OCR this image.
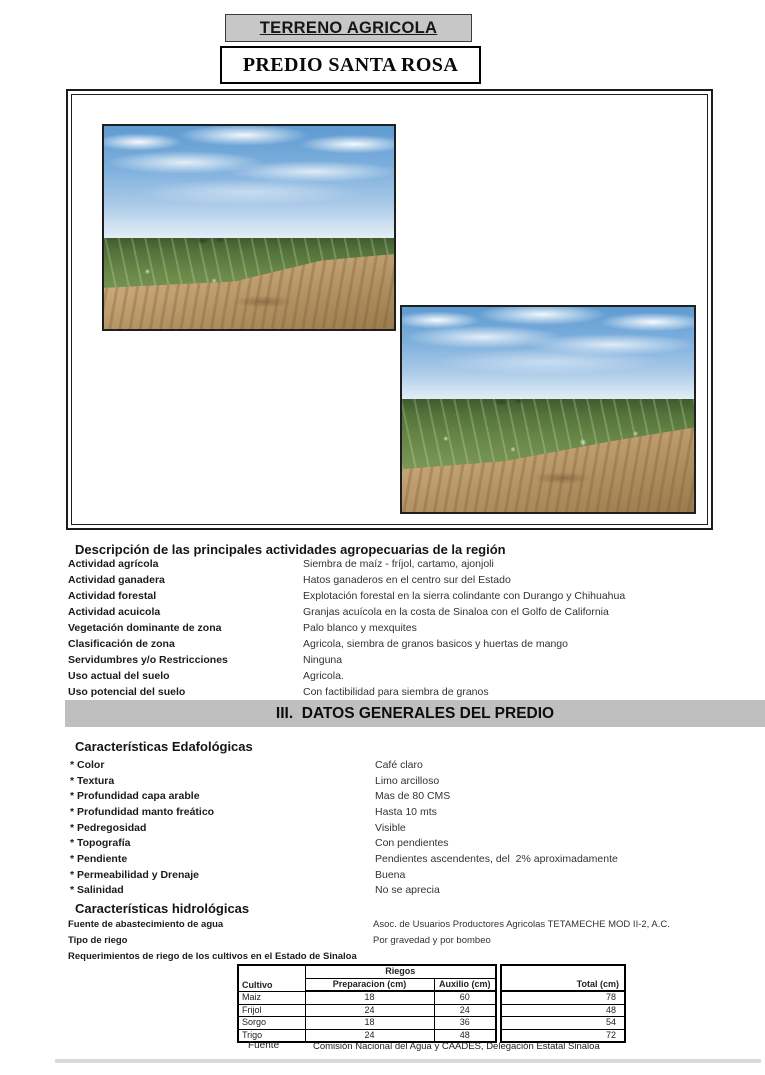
TERRENO AGRICOLA
PREDIO SANTA ROSA
Descripción de las principales actividades agropecuarias de la región
Actividad agrícola	Siembra de maíz - fríjol, cartamo, ajonjoli
Actividad ganadera	Hatos ganaderos en el centro sur del Estado
Actividad forestal	Explotación forestal en la sierra colindante con Durango y Chihuahua
Actividad acuicola	Granjas acuícola en la costa de Sinaloa con el Golfo de California
Vegetación dominante de zona	Palo blanco y mexquites
Clasificación de zona	Agricola, siembra de granos basicos y huertas de mango
Servidumbres y/o Restricciones	Ninguna
Uso actual del suelo	Agricola.
Uso potencial del suelo	Con factibilidad para siembra de granos
III.  DATOS GENERALES DEL PREDIO
Características Edafológicas
* Color	Café claro
* Textura	Limo arcilloso
* Profundidad capa arable	Mas de 80 CMS
* Profundidad manto freático	Hasta 10 mts
* Pedregosidad	Visible
* Topografía	Con pendientes
* Pendiente	Pendientes ascendentes, del  2% aproximadamente
* Permeabilidad y Drenaje	Buena
* Salinidad	No se aprecia
Características hidrológicas
Fuente de abastecimiento de agua	Asoc. de Usuarios Productores Agricolas TETAMECHE MOD II-2, A.C.
Tipo de riego	Por gravedad y por bombeo
Requerimientos de riego de los cultivos en el Estado de Sinaloa
Cultivo	Riegos			Total (cm)
	Preparacion (cm)	Auxilio (cm)		
Maiz	18	60		78
Frijol	24	24		48
Sorgo	18	36		54
Trigo	24	48		72
Fuente	Comisión Nacional del Agua y CAADES, Delegación Estatal Sinaloa
